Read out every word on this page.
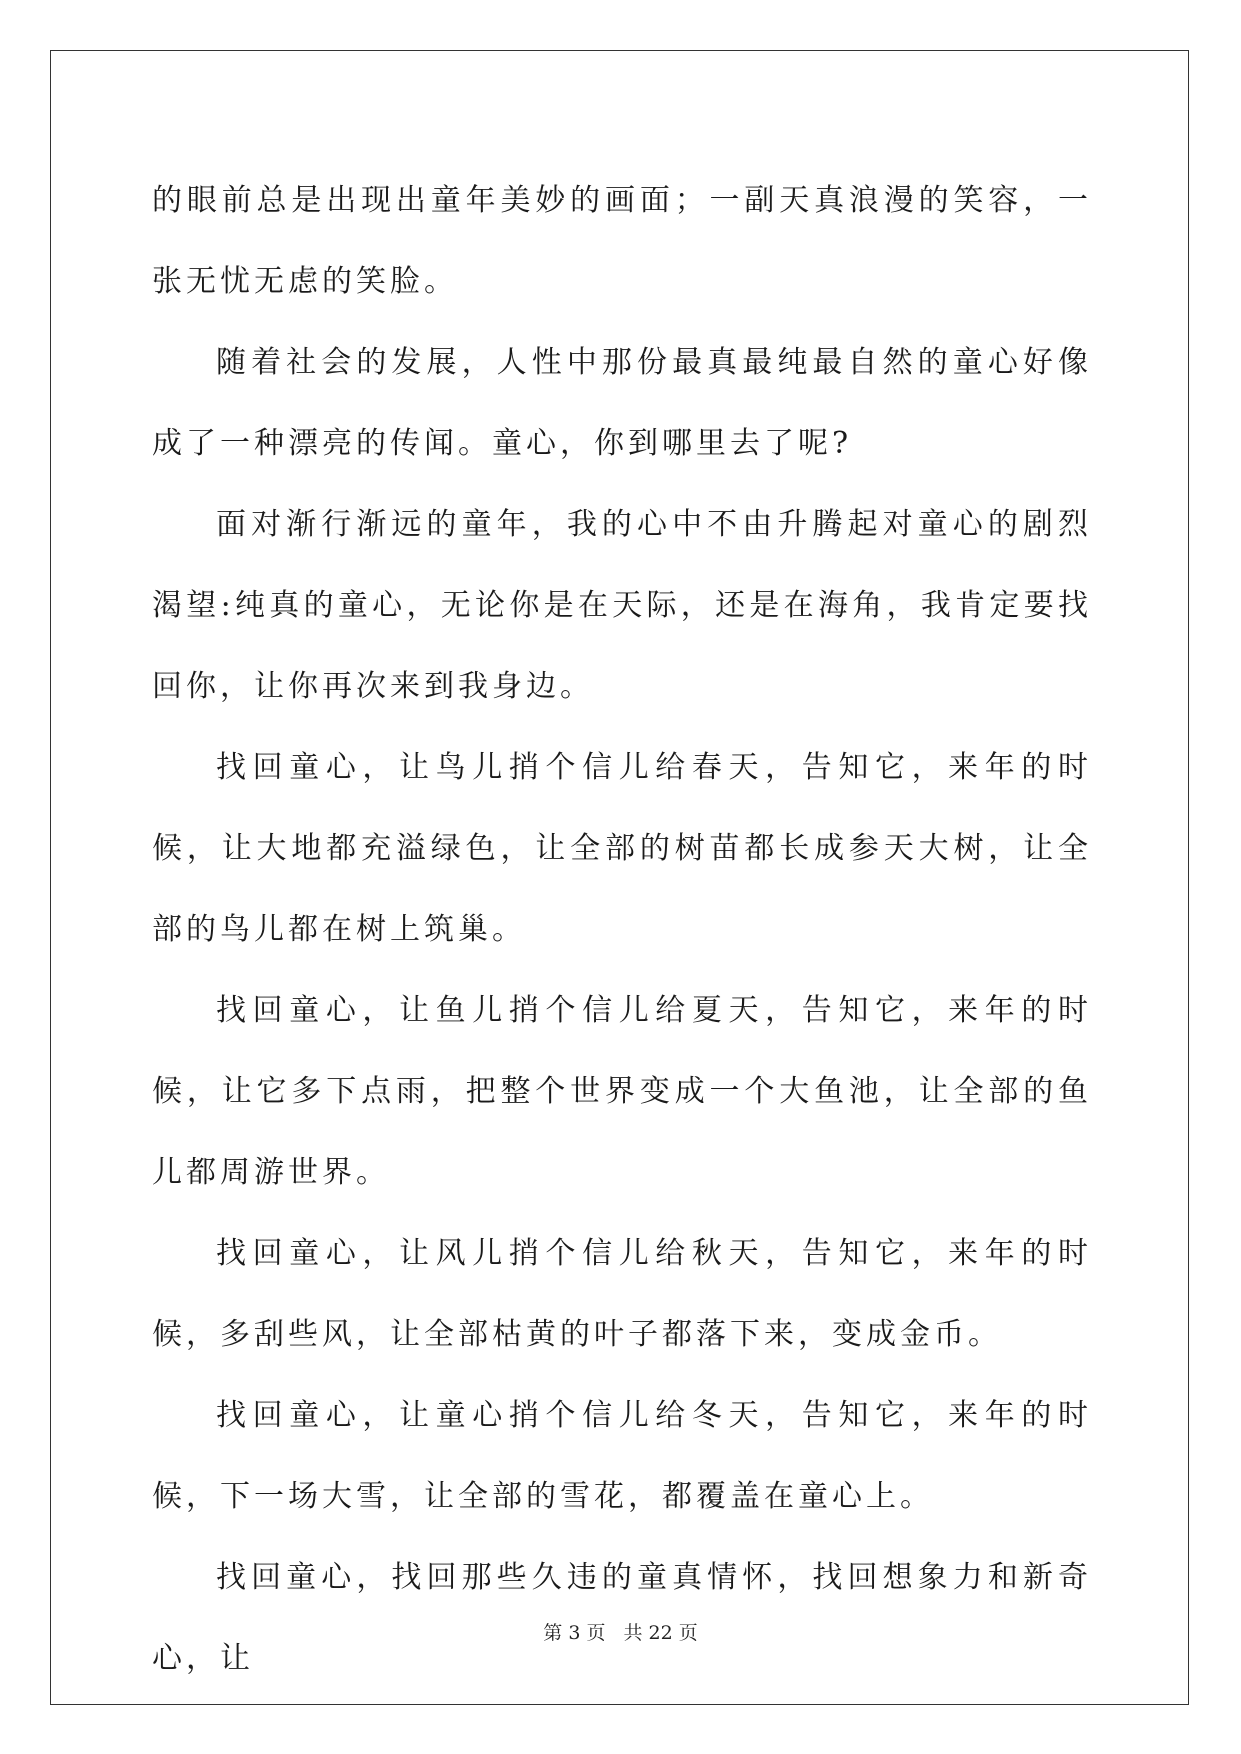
的眼前总是出现出童年美妙的画面；一副天真浪漫的笑容，一张无忧无虑的笑脸。

随着社会的发展，人性中那份最真最纯最自然的童心好像成了一种漂亮的传闻。童心，你到哪里去了呢?

面对渐行渐远的童年，我的心中不由升腾起对童心的剧烈渴望:纯真的童心，无论你是在天际，还是在海角，我肯定要找回你，让你再次来到我身边。

找回童心，让鸟儿捎个信儿给春天，告知它，来年的时候，让大地都充溢绿色，让全部的树苗都长成参天大树，让全部的鸟儿都在树上筑巢。

找回童心，让鱼儿捎个信儿给夏天，告知它，来年的时候，让它多下点雨，把整个世界变成一个大鱼池，让全部的鱼儿都周游世界。

找回童心，让风儿捎个信儿给秋天，告知它，来年的时候，多刮些风，让全部枯黄的叶子都落下来，变成金币。

找回童心，让童心捎个信儿给冬天，告知它，来年的时候，下一场大雪，让全部的雪花，都覆盖在童心上。

找回童心，找回那些久违的童真情怀，找回想象力和新奇心，让

第 3 页 共 22 页
